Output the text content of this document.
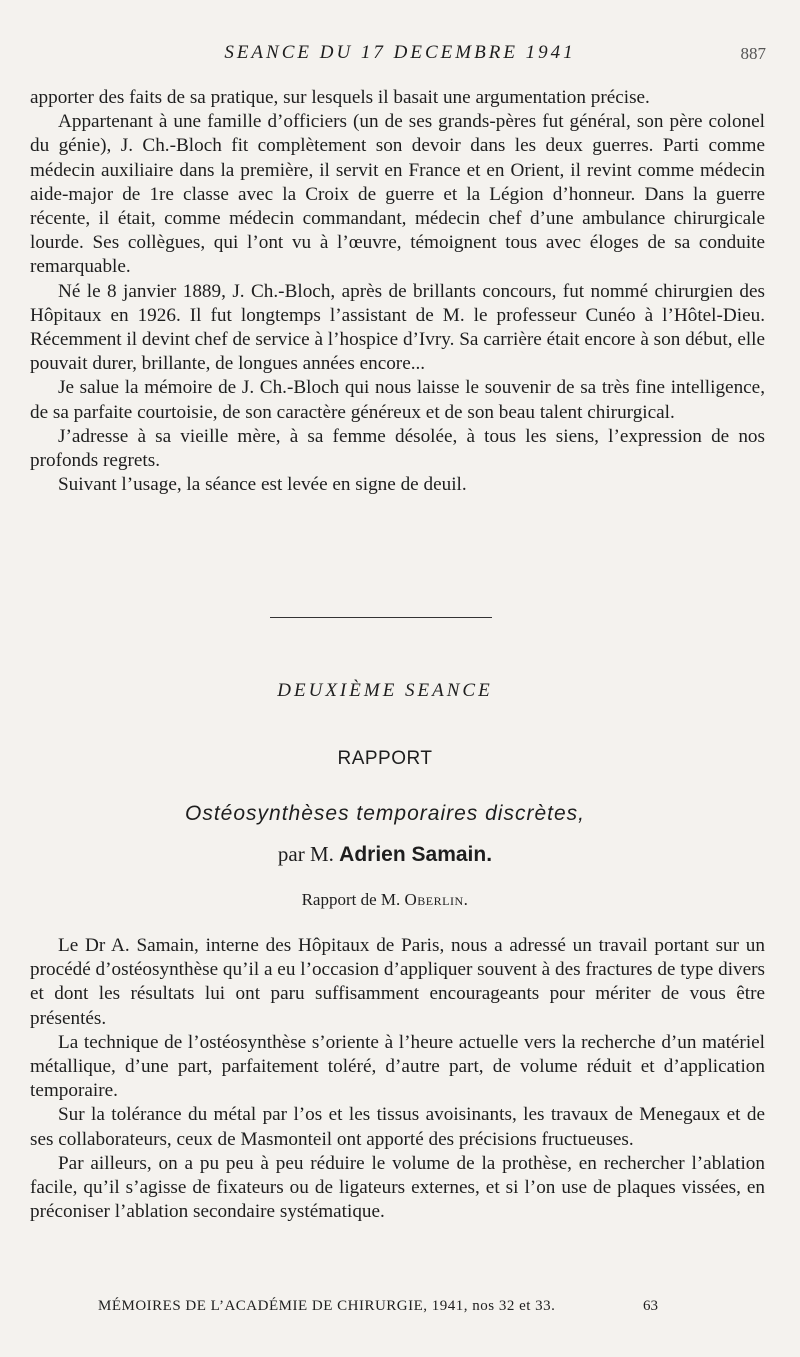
SEANCE DU 17 DECEMBRE 1941	887

apporter des faits de sa pratique, sur lesquels il basait une argumentation précise.

Appartenant à une famille d’officiers (un de ses grands-pères fut général, son père colonel du génie), J. Ch.-Bloch fit complètement son devoir dans les deux guerres. Parti comme médecin auxiliaire dans la première, il servit en France et en Orient, il revint comme médecin aide-major de 1re classe avec la Croix de guerre et la Légion d’honneur. Dans la guerre récente, il était, comme médecin commandant, médecin chef d’une ambulance chirurgicale lourde. Ses collègues, qui l’ont vu à l’œuvre, témoignent tous avec éloges de sa conduite remarquable.

Né le 8 janvier 1889, J. Ch.-Bloch, après de brillants concours, fut nommé chirurgien des Hôpitaux en 1926. Il fut longtemps l’assistant de M. le professeur Cunéo à l’Hôtel-Dieu. Récemment il devint chef de service à l’hospice d’Ivry. Sa carrière était encore à son début, elle pouvait durer, brillante, de longues années encore...

Je salue la mémoire de J. Ch.-Bloch qui nous laisse le souvenir de sa très fine intelligence, de sa parfaite courtoisie, de son caractère généreux et de son beau talent chirurgical.

J’adresse à sa vieille mère, à sa femme désolée, à tous les siens, l’expression de nos profonds regrets.

Suivant l’usage, la séance est levée en signe de deuil.

DEUXIÈME SEANCE
RAPPORT
Ostéosynthèses temporaires discrètes,
par M. Adrien Samain.
Rapport de M. Oberlin.

Le Dr A. Samain, interne des Hôpitaux de Paris, nous a adressé un travail portant sur un procédé d’ostéosynthèse qu’il a eu l’occasion d’appliquer souvent à des fractures de type divers et dont les résultats lui ont paru suffisamment encourageants pour mériter de vous être présentés.

La technique de l’ostéosynthèse s’oriente à l’heure actuelle vers la recherche d’un matériel métallique, d’une part, parfaitement toléré, d’autre part, de volume réduit et d’application temporaire.

Sur la tolérance du métal par l’os et les tissus avoisinants, les travaux de Menegaux et de ses collaborateurs, ceux de Masmonteil ont apporté des précisions fructueuses.

Par ailleurs, on a pu peu à peu réduire le volume de la prothèse, en rechercher l’ablation facile, qu’il s’agisse de fixateurs ou de ligateurs externes, et si l’on use de plaques vissées, en préconiser l’ablation secondaire systématique.

MÉMOIRES DE L’ACADÉMIE DE CHIRURGIE, 1941, nos 32 et 33.	63
